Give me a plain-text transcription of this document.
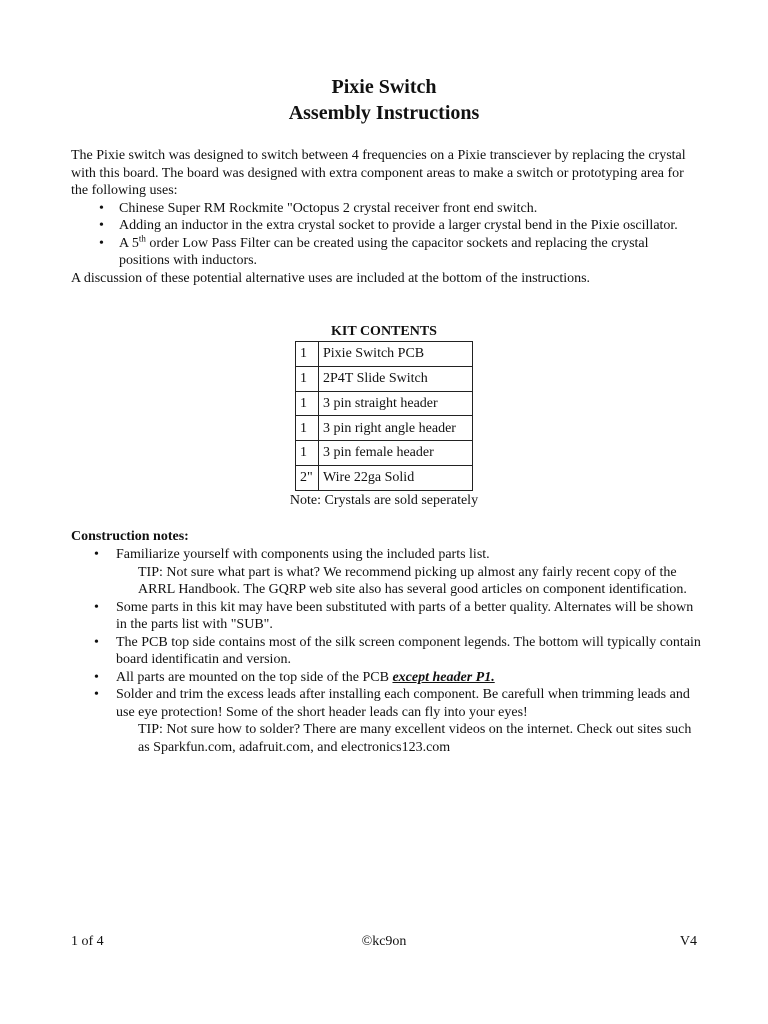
Pixie Switch
Assembly Instructions

The Pixie switch was designed to switch between 4 frequencies on a Pixie transciever by replacing the crystal with this board. The board was designed with extra component areas to make a switch or prototyping area for the following uses:

• Chinese Super RM Rockmite "Octopus 2 crystal receiver front end switch.
• Adding an inductor in the extra crystal socket to provide a larger crystal bend in the Pixie oscillator.
• A 5th order Low Pass Filter can be created using the capacitor sockets and replacing the crystal positions with inductors.

A discussion of these potential alternative uses are included at the bottom of the instructions.

KIT CONTENTS
1	Pixie Switch PCB
1	2P4T Slide Switch
1	3 pin straight header
1	3 pin right angle header
1	3 pin female header
2"	Wire 22ga Solid
Note: Crystals are sold seperately
Construction notes:
• Familiarize yourself with components using the included parts list.
TIP: Not sure what part is what? We recommend picking up almost any fairly recent copy of the ARRL Handbook. The GQRP web site also has several good articles on component identification.
• Some parts in this kit may have been substituted with parts of a better quality. Alternates will be shown in the parts list with "SUB".
• The PCB top side contains most of the silk screen component legends. The bottom will typically contain board identificatin and version.
• All parts are mounted on the top side of the PCB except header P1.
• Solder and trim the excess leads after installing each component. Be carefull when trimming leads and use eye protection! Some of the short header leads can fly into your eyes!
TIP: Not sure how to solder? There are many excellent videos on the internet. Check out sites such as Sparkfun.com, adafruit.com, and electronics123.com
1 of 4	©kc9on	V4
